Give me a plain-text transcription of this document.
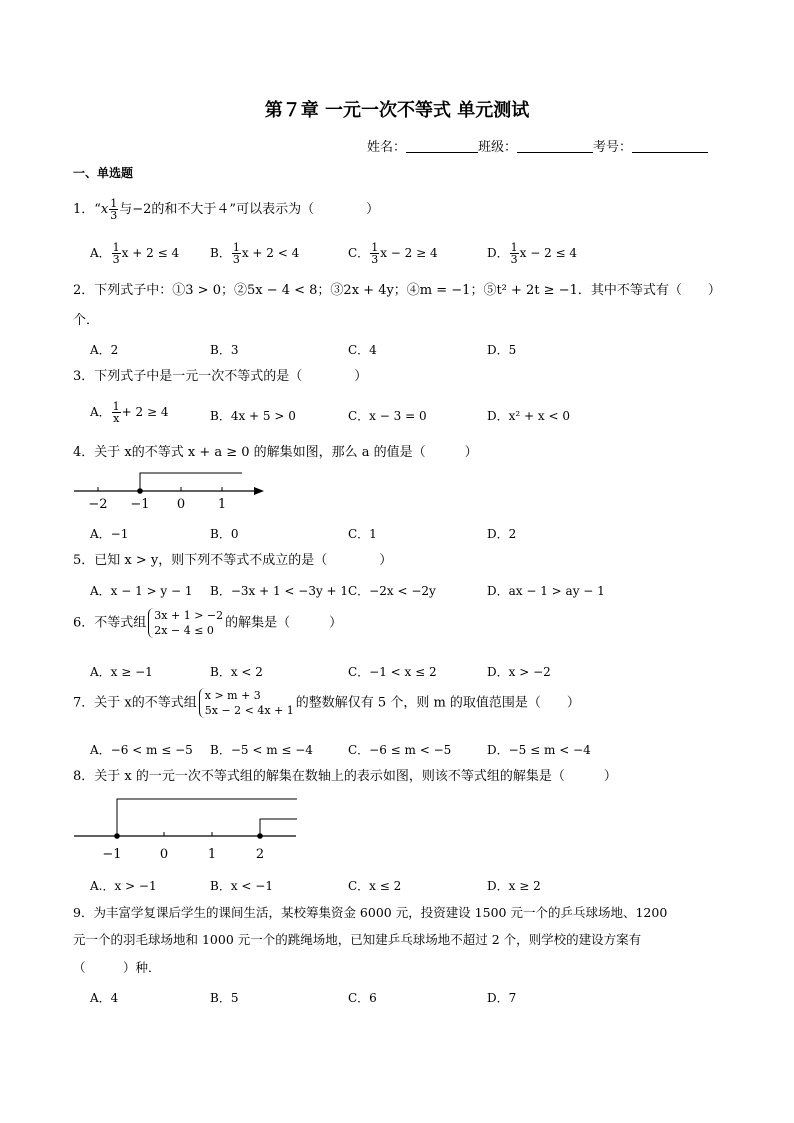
第７章 一元一次不等式 单元测试
姓名：	班级：	考号：
一、单选题
1．“$x \frac{1}{3}$ 与−2的和不大于４”可以表示为（　　　　）
A． $\frac{1}{3}$ x + 2 ≤ 4	B． $\frac{1}{3}$ x + 2 < 4	C． $\frac{1}{3}$ x − 2 ≥ 4	D． $\frac{1}{3}$ x − 2 ≤ 4
2．下列式子中：①3 > 0；②5x − 4 < 8；③2x + 4y；④m = −1；⑤t² + 2t ≥ −1．其中不等式有（　　）
个．
A．2	B．3	C．4	D．5
3．下列式子中是一元一次不等式的是（　　　　）
A． $\frac{1}{x} + 2 \ge 4$	B．4x + 5 > 0	C．x − 3 = 0	D．x² + x < 0
4．关于 x的不等式 x + a ≥ 0 的解集如图，那么 a 的值是（　　　）
−2 −1 0	1
A．−1	B．0	C．1	D．2
5．已知 x > y，则下列不等式不成立的是（　　　　）
A．x − 1 > y − 1 B．−3x + 1 < −3y + 1 C．−2x < −2y	D．ax − 1 > ay − 1
6．不等式组 3x + 1 > −2
2x − 4 ≤ 0 的解集是（　　　）
A．x ≥ −1	B．x < 2	C．−1 < x ≤ 2	D．x > −2
7．关于 x的不等式组 x > m + 3
5x − 2 < 4x + 1 的整数解仅有 5 个，则 m 的取值范围是（　　）
A．−6 < m ≤ −5 B．−5 < m ≤ −4	C．−6 ≤ m < −5	D．−5 ≤ m < −4
8．关于 x 的一元一次不等式组的解集在数轴上的表示如图，则该不等式组的解集是（　　　）
−1	0	1	2
A.．x > −1	B．x < −1	C．x ≤ 2	D．x ≥ 2
9．为丰富学复课后学生的课间生活，某校筹集资金 6000 元，投资建设 1500 元一个的乒乓球场地、1200
元一个的羽毛球场地和 1000 元一个的跳绳场地，已知建乒乓球场地不超过 2 个，则学校的建设方案有
（　　　）种．
A．4	B．5	C．6	D．7
